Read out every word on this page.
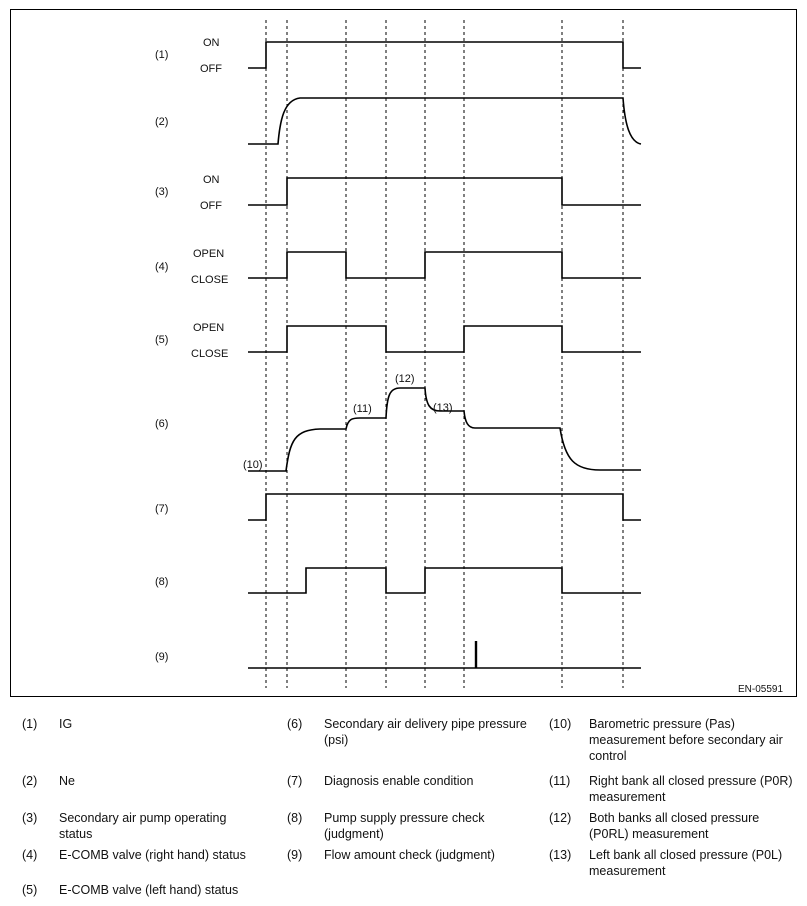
(1)
(2)
(3)
(4)
(5)
(6)
(7)
(8)
(9)
ON
OFF
ON
OFF
OPEN
CLOSE
OPEN
CLOSE
(10)
(11)
(12)
(13)
EN-05591
(1) IG
(2) Ne
(3) Secondary air pump operating status
(4) E-COMB valve (right hand) status
(5) E-COMB valve (left hand) status
(6) Secondary air delivery pipe pressure (psi)
(7) Diagnosis enable condition
(8) Pump supply pressure check (judgment)
(9) Flow amount check (judgment)
(10) Barometric pressure (Pas) measurement before secondary air control
(11) Right bank all closed pressure (P0R) measurement
(12) Both banks all closed pressure (P0RL) measurement
(13) Left bank all closed pressure (P0L) measurement
